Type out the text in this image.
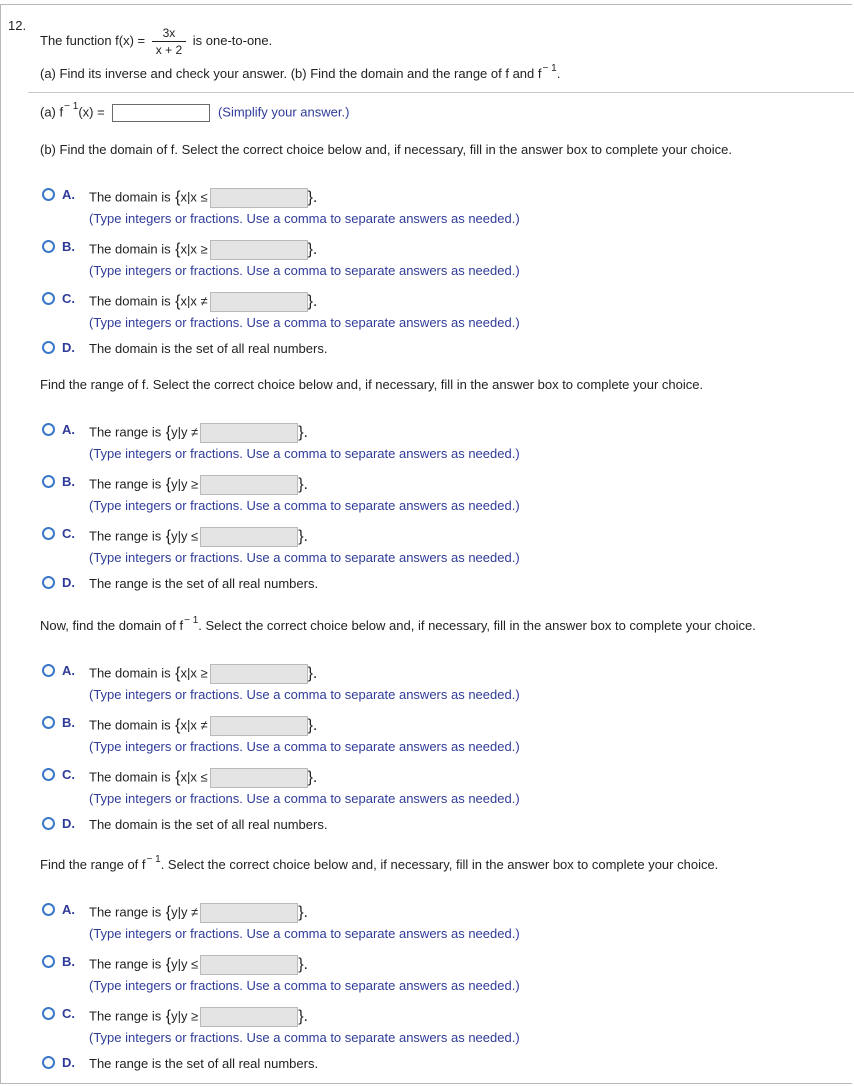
12.
The function $f(x) = \frac{3x}{x + 2}$ is one-to-one.
(a) Find its inverse and check your answer. (b) Find the domain and the range of f and $f^{- 1}$.
(a) $f^{- 1}(x)$ =	(Simplify your answer.)
(b) Find the domain of f. Select the correct choice below and, if necessary, fill in the answer box to complete your choice.
A. The domain is {x|x ≤	}.
(Type integers or fractions. Use a comma to separate answers as needed.)
B. The domain is {x|x ≥	}.
(Type integers or fractions. Use a comma to separate answers as needed.)
C. The domain is {x|x ≠	}.
(Type integers or fractions. Use a comma to separate answers as needed.)
D. The domain is the set of all real numbers.
Find the range of f. Select the correct choice below and, if necessary, fill in the answer box to complete your choice.
A. The range is {y|y ≠	}.
(Type integers or fractions. Use a comma to separate answers as needed.)
B. The range is {y|y ≥	}.
(Type integers or fractions. Use a comma to separate answers as needed.)
C. The range is {y|y ≤	}.
(Type integers or fractions. Use a comma to separate answers as needed.)
D. The range is the set of all real numbers.
Now, find the domain of $f^{- 1}$. Select the correct choice below and, if necessary, fill in the answer box to complete your choice.
A. The domain is {x|x ≥	}.
(Type integers or fractions. Use a comma to separate answers as needed.)
B. The domain is {x|x ≠	}.
(Type integers or fractions. Use a comma to separate answers as needed.)
C. The domain is {x|x ≤	}.
(Type integers or fractions. Use a comma to separate answers as needed.)
D. The domain is the set of all real numbers.
Find the range of $f^{- 1}$. Select the correct choice below and, if necessary, fill in the answer box to complete your choice.
A. The range is {y|y ≠	}.
(Type integers or fractions. Use a comma to separate answers as needed.)
B. The range is {y|y ≤	}.
(Type integers or fractions. Use a comma to separate answers as needed.)
C. The range is {y|y ≥	}.
(Type integers or fractions. Use a comma to separate answers as needed.)
D. The range is the set of all real numbers.
